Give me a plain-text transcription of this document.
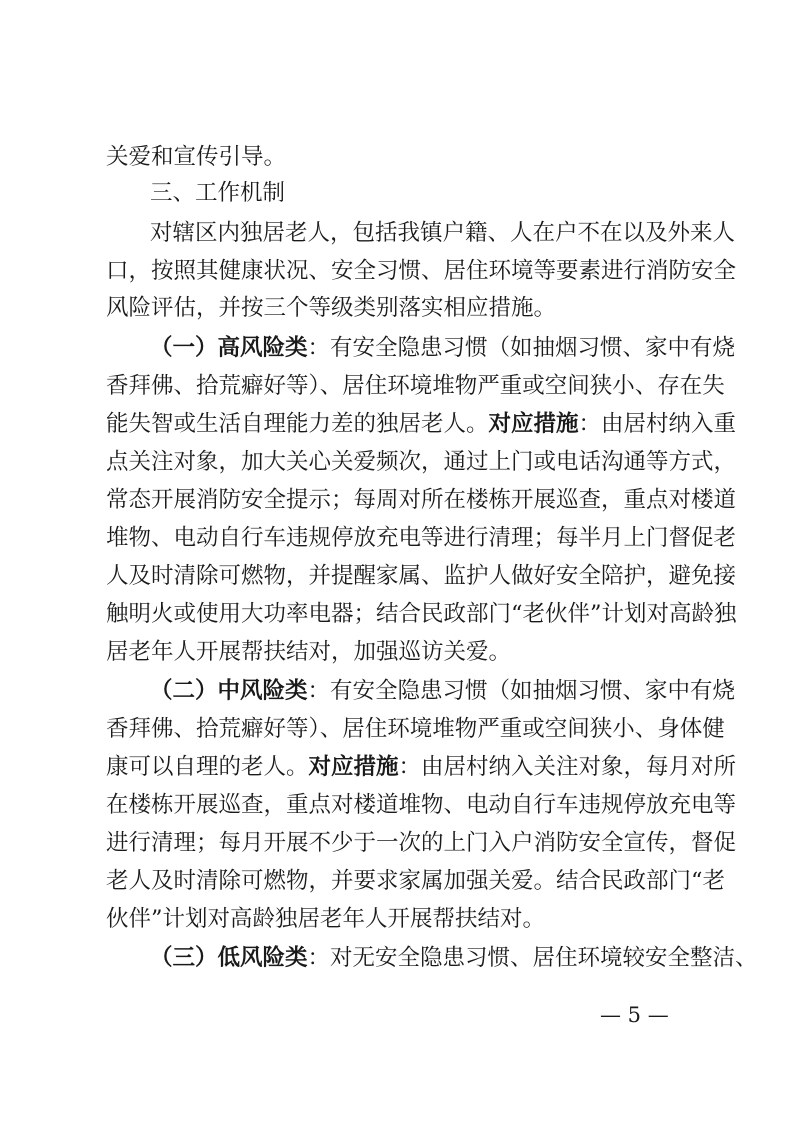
关爱和宣传引导。
三、工作机制
对辖区内独居老人，包括我镇户籍、人在户不在以及外来人
口，按照其健康状况、安全习惯、居住环境等要素进行消防安全
风险评估，并按三个等级类别落实相应措施。
（一）高风险类：有安全隐患习惯（如抽烟习惯、家中有烧
香拜佛、拾荒癖好等）、居住环境堆物严重或空间狭小、存在失
能失智或生活自理能力差的独居老人。对应措施：由居村纳入重
点关注对象，加大关心关爱频次，通过上门或电话沟通等方式，
常态开展消防安全提示；每周对所在楼栋开展巡查，重点对楼道
堆物、电动自行车违规停放充电等进行清理；每半月上门督促老
人及时清除可燃物，并提醒家属、监护人做好安全陪护，避免接
触明火或使用大功率电器；结合民政部门“老伙伴”计划对高龄独
居老年人开展帮扶结对，加强巡访关爱。
（二）中风险类：有安全隐患习惯（如抽烟习惯、家中有烧
香拜佛、拾荒癖好等）、居住环境堆物严重或空间狭小、身体健
康可以自理的老人。对应措施：由居村纳入关注对象，每月对所
在楼栋开展巡查，重点对楼道堆物、电动自行车违规停放充电等
进行清理；每月开展不少于一次的上门入户消防安全宣传，督促
老人及时清除可燃物，并要求家属加强关爱。结合民政部门“老
伙伴”计划对高龄独居老年人开展帮扶结对。
（三）低风险类：对无安全隐患习惯、居住环境较安全整洁、
— 5 —
